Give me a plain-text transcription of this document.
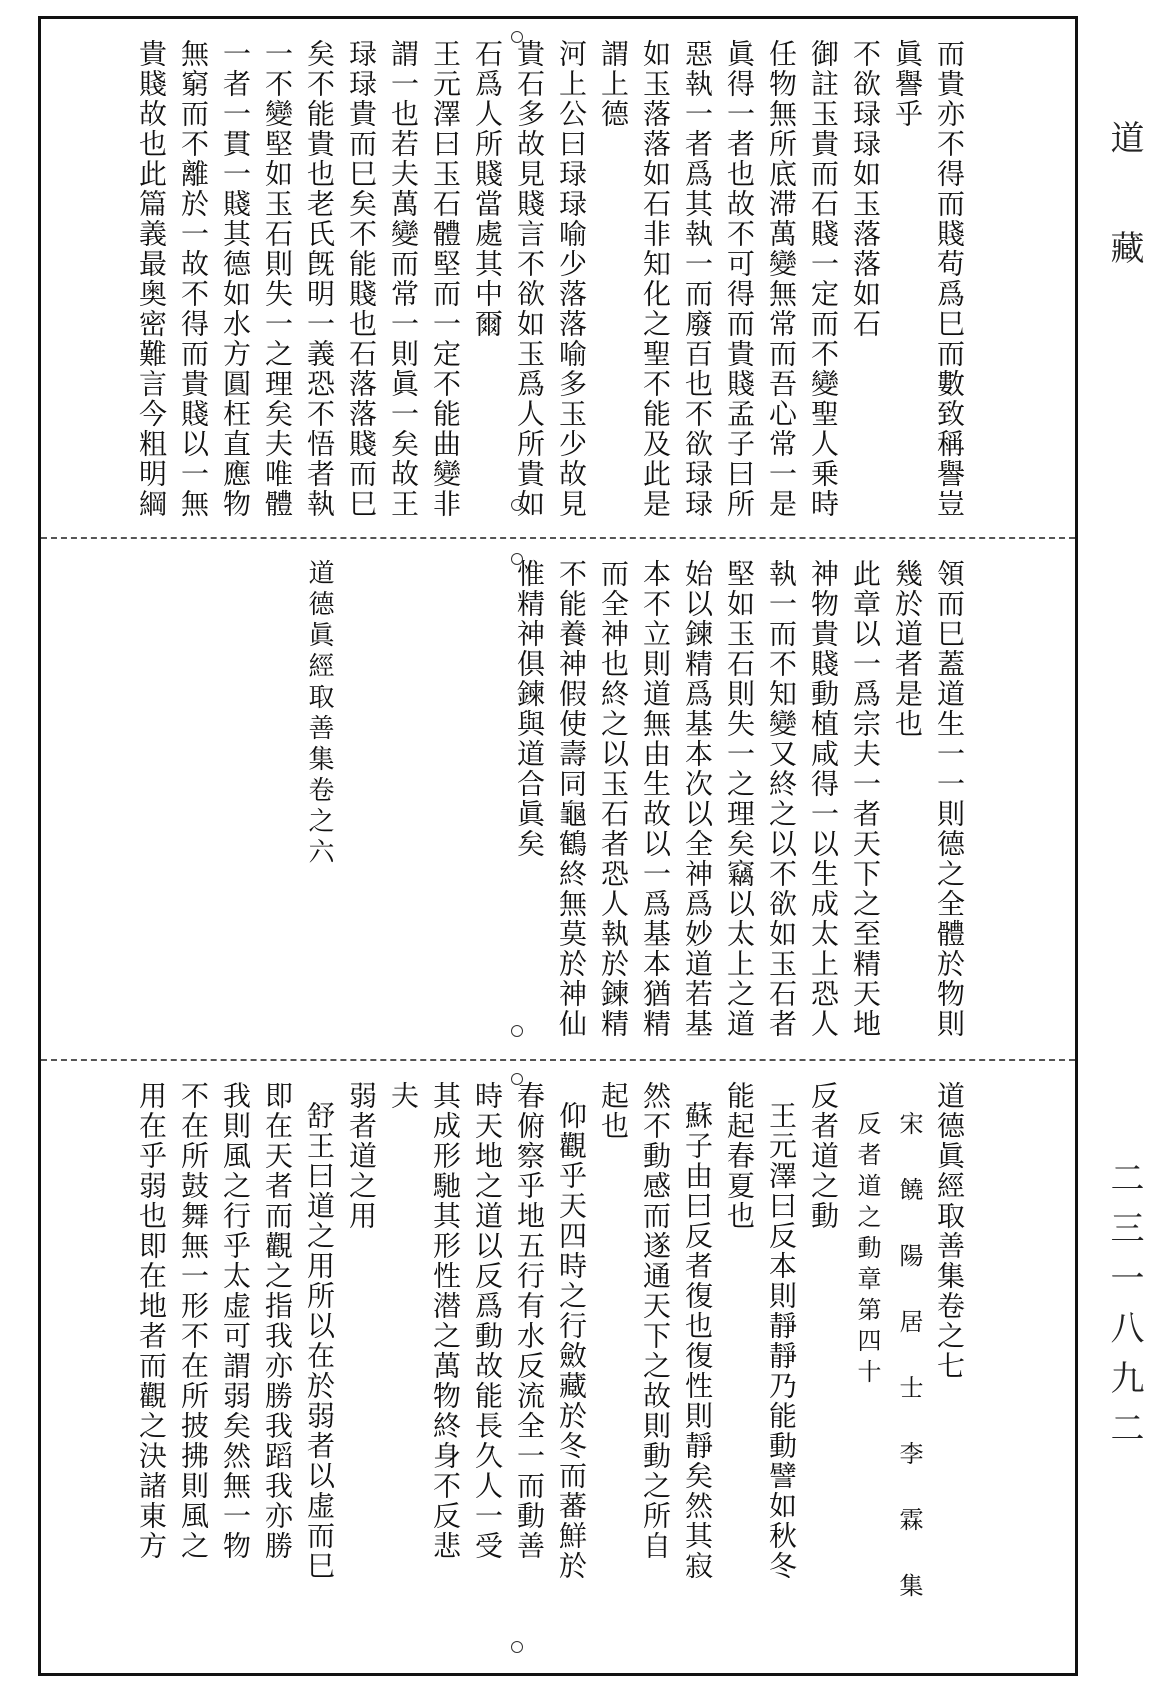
而貴亦不得而賤苟爲巳而數致稱譽豈
眞譽乎
不欲琭琭如玉落落如石
御註玉貴而石賤一定而不變聖人乗時
任物無所底滞萬變無常而吾心常一是
眞得一者也故不可得而貴賤孟子曰所
惡執一者爲其執一而廢百也不欲琭琭
如玉落落如石非知化之聖不能及此是
謂上德
河上公曰琭琭喻少落落喻多玉少故見
貴石多故見賤言不欲如玉爲人所貴如
石爲人所賤當處其中爾
王元澤曰玉石體堅而一定不能曲變非
謂一也若夫萬變而常一則眞一矣故王
琭琭貴而巳矣不能賤也石落落賤而巳
矣不能貴也老氏旣明一義恐不悟者執
一不變堅如玉石則失一之理矣夫唯體
一者一貫一賤其德如水方圓枉直應物
無窮而不離於一故不得而貴賤以一無
貴賤故也此篇義最奥密難言今粗明綱
領而巳蓋道生一一則德之全體於物則
幾於道者是也
此章以一爲宗夫一者天下之至精天地
神物貴賤動植咸得一以生成太上恐人
執一而不知變又終之以不欲如玉石者
堅如玉石則失一之理矣竊以太上之道
始以鍊精爲基本次以全神爲妙道若基
本不立則道無由生故以一爲基本猶精
而全神也終之以玉石者恐人執於鍊精
不能養神假使壽同龜鶴終無莫於神仙
惟精神俱鍊與道合眞矣
道德眞經取善集卷之六
道德眞經取善集卷之七
宋 饒 陽 居 士 李 霖 集
反者道之動章第四十
反者道之動
王元澤曰反本則靜靜乃能動譬如秋冬
能起春夏也
蘇子由曰反者復也復性則靜矣然其寂
然不動感而遂通天下之故則動之所自
起也
仰觀乎天四時之行斂藏於冬而蕃鮮於
春俯察乎地五行有水反流全一而動善
時天地之道以反爲動故能長久人一受
其成形馳其形性潜之萬物終身不反悲
夫
弱者道之用
舒王曰道之用所以在於弱者以虚而巳
即在天者而觀之指我亦勝我蹈我亦勝
我則風之行乎太虚可謂弱矣然無一物
不在所鼓舞無一形不在所披拂則風之
用在乎弱也即在地者而觀之決諸東方
道 藏
二三一八九二
